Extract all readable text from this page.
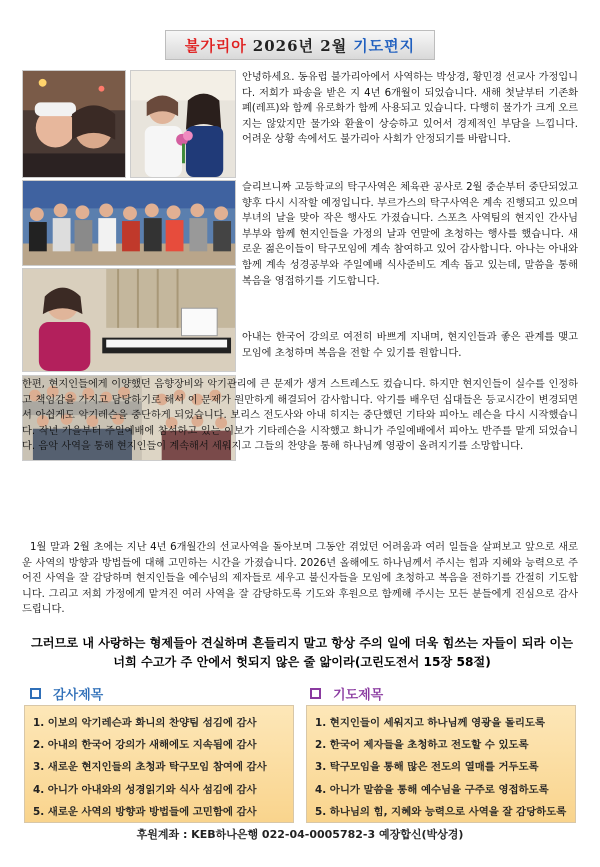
불가리아 2026년 2월 기도편지
안녕하세요. 동유럽 불가리아에서 사역하는 박상경, 황민경 선교사 가정입니다. 저희가 파송을 받은 지 4년 6개월이 되었습니다. 새해 첫날부터 기존화폐(레프)와 함께 유로화가 함께 사용되고 있습니다. 다행히 물가가 크게 오르지는 않았지만 물가와 환율이 상승하고 있어서 경제적인 부담을 느낍니다. 어려운 상황 속에서도 불가리아 사회가 안정되기를 바랍니다.
슬리브니짜 고등학교의 탁구사역은 체육관 공사로 2월 중순부터 중단되었고 향후 다시 시작할 예정입니다. 부르가스의 탁구사역은 계속 진행되고 있으며 부녀의 날을 맞아 작은 행사도 가졌습니다. 스포츠 사역팀의 현지인 간사님 부부와 함께 현지인들을 가정의 날과 연말에 초청하는 행사를 했습니다. 새로운 젊은이들이 탁구모임에 계속 참여하고 있어 감사합니다. 아나는 아내와 함께 계속 성경공부와 주일예배 식사준비도 계속 돕고 있는데, 말씀을 통해 복음을 영접하기를 기도합니다.
아내는 한국어 강의로 여전히 바쁘게 지내며, 현지인들과 좋은 관계를 맺고 모임에 초청하며 복음을 전할 수 있기를 원합니다.
한편, 현지인들에게 이양했던 음향장비와 악기관리에 큰 문제가 생겨 스트레스도 컸습니다. 하지만 현지인들이 실수를 인정하고 책임감을 가지고 담당하기로 해서 이 문제가 원만하게 해결되어 감사합니다. 악기를 배우던 십대들은 등교시간이 변경되면서 아쉽게도 악기레슨을 중단하게 되었습니다. 보리스 전도사와 아내 히지는 중단했던 기타와 피아노 레슨을 다시 시작했습니다. 작년 가을부터 주일예배에 참석하고 있는 이보가 기타레슨을 시작했고 화니가 주일예배에서 피아노 반주를 맡게 되었습니다. 음악 사역을 통해 현지인들이 계속해서 세워지고 그들의 찬양을 통해 하나님께 영광이 올려지기를 소망합니다.
1월 말과 2월 초에는 지난 4년 6개월간의 선교사역을 돌아보며 그동안 겪었던 어려움과 여러 일들을 살펴보고 앞으로 새로운 사역의 방향과 방법들에 대해 고민하는 시간을 가졌습니다. 2026년 올해에도 하나님께서 주시는 힘과 지혜와 능력으로 주어진 사역을 잘 감당하며 현지인들을 예수님의 제자들로 세우고 불신자들을 모임에 초청하고 복음을 전하기를 간절히 기도합니다. 그리고 저희 가정에게 맡겨진 여러 사역을 잘 감당하도록 기도와 후원으로 함께해 주시는 모든 분들에게 진심으로 감사드립니다.
그러므로 내 사랑하는 형제들아 견실하며 흔들리지 말고 항상 주의 일에 더욱 힘쓰는 자들이 되라 이는 너희 수고가 주 안에서 헛되지 않은 줄 앎이라(고린도전서 15장 58절)
감사제목	기도제목
1. 이보의 악기레슨과 화니의 찬양팀 섬김에 감사
2. 아내의 한국어 강의가 새해에도 지속됨에 감사
3. 새로운 현지인들의 초청과 탁구모임 참여에 감사
4. 아니가 아내와의 성경읽기와 식사 섬김에 감사
5. 새로운 사역의 방향과 방법들에 고민함에 감사
1. 현지인들이 세워지고 하나님께 영광을 돌리도록
2. 한국어 제자들을 초청하고 전도할 수 있도록
3. 탁구모임을 통해 많은 전도의 열매를 거두도록
4. 아니가 말씀을 통해 예수님을 구주로 영접하도록
5. 하나님의 힘, 지혜와 능력으로 사역을 잘 감당하도록
후원계좌 : KEB하나은행 022-04-0005782-3 예장합신(박상경)
